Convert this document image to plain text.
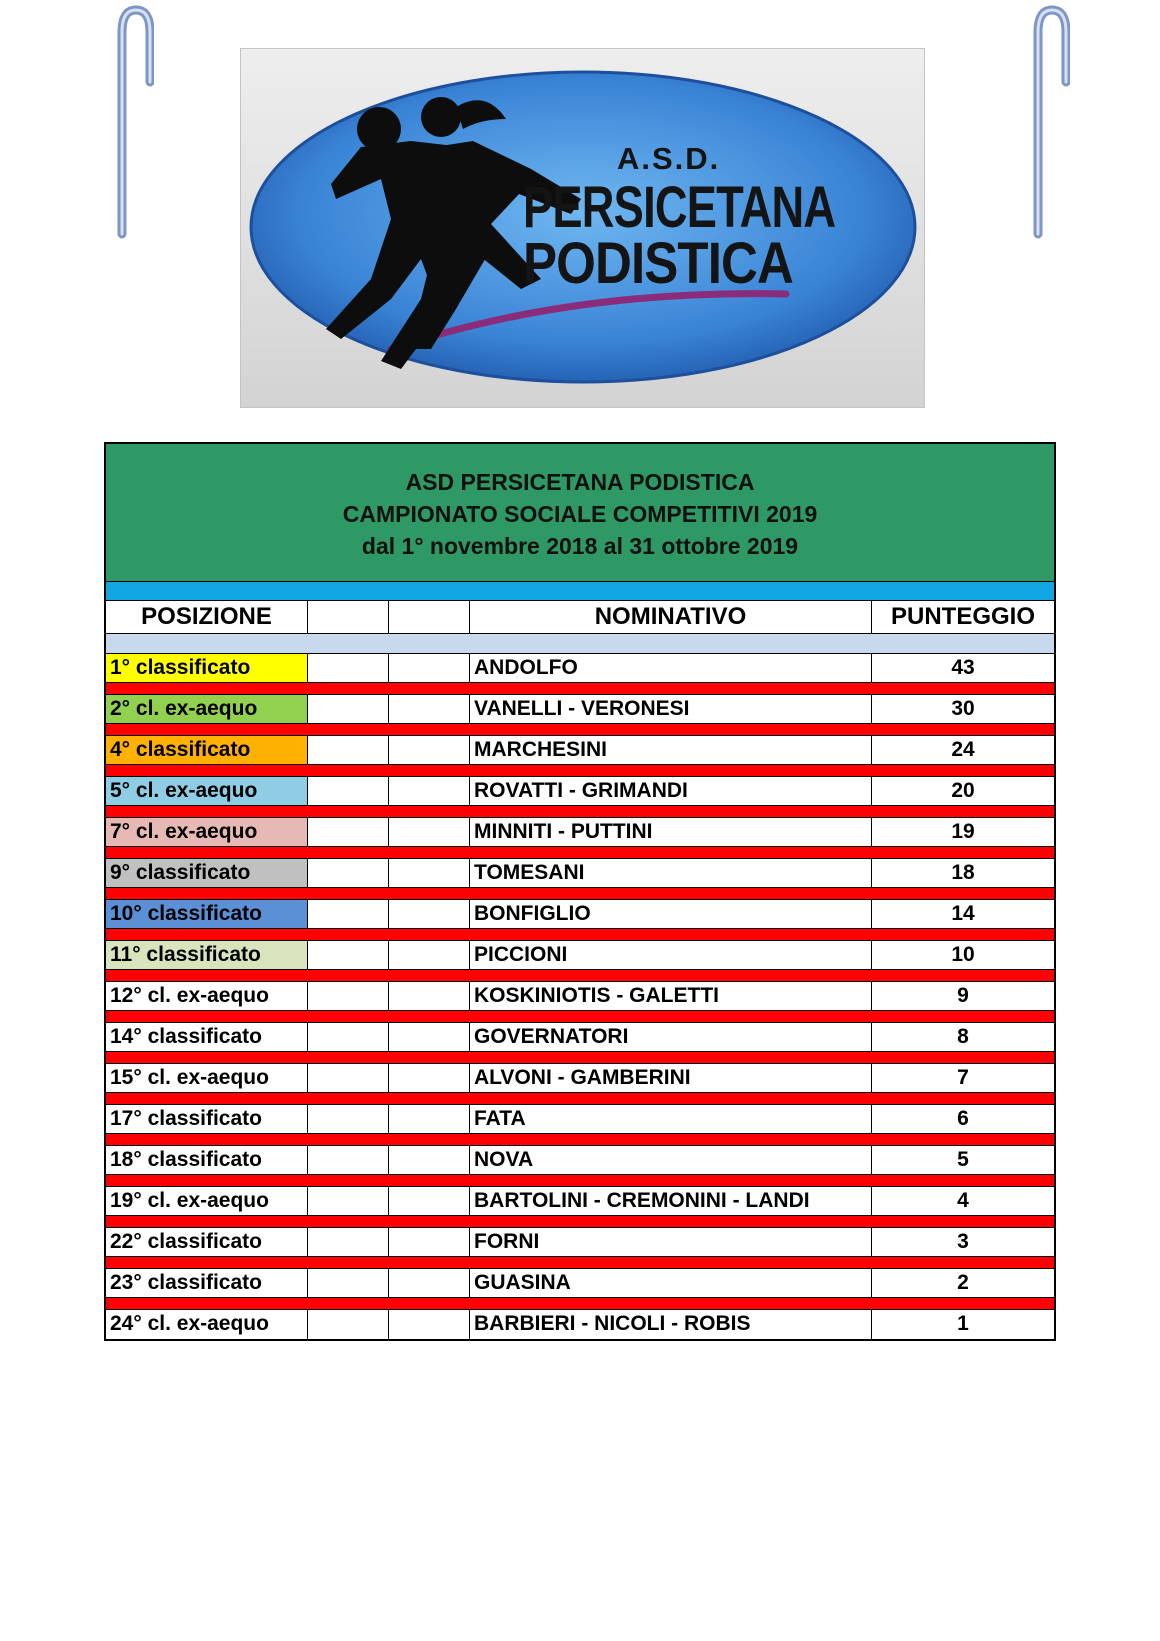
A.S.D.
PERSICETANA
PODISTICA
ASD PERSICETANA PODISTICA
CAMPIONATO SOCIALE COMPETITIVI 2019
dal 1° novembre 2018 al 31 ottobre 2019
POSIZIONE	NOMINATIVO	PUNTEGGIO
1° classificato	ANDOLFO	43
2° cl. ex-aequo	VANELLI - VERONESI	30
4° classificato	MARCHESINI	24
5° cl. ex-aequo	ROVATTI - GRIMANDI	20
7° cl. ex-aequo	MINNITI - PUTTINI	19
9° classificato	TOMESANI	18
10° classificato	BONFIGLIO	14
11° classificato	PICCIONI	10
12° cl. ex-aequo	KOSKINIOTIS - GALETTI	9
14° classificato	GOVERNATORI	8
15° cl. ex-aequo	ALVONI - GAMBERINI	7
17° classificato	FATA	6
18° classificato	NOVA	5
19° cl. ex-aequo	BARTOLINI - CREMONINI - LANDI	4
22° classificato	FORNI	3
23° classificato	GUASINA	2
24° cl. ex-aequo	BARBIERI - NICOLI - ROBIS	1
